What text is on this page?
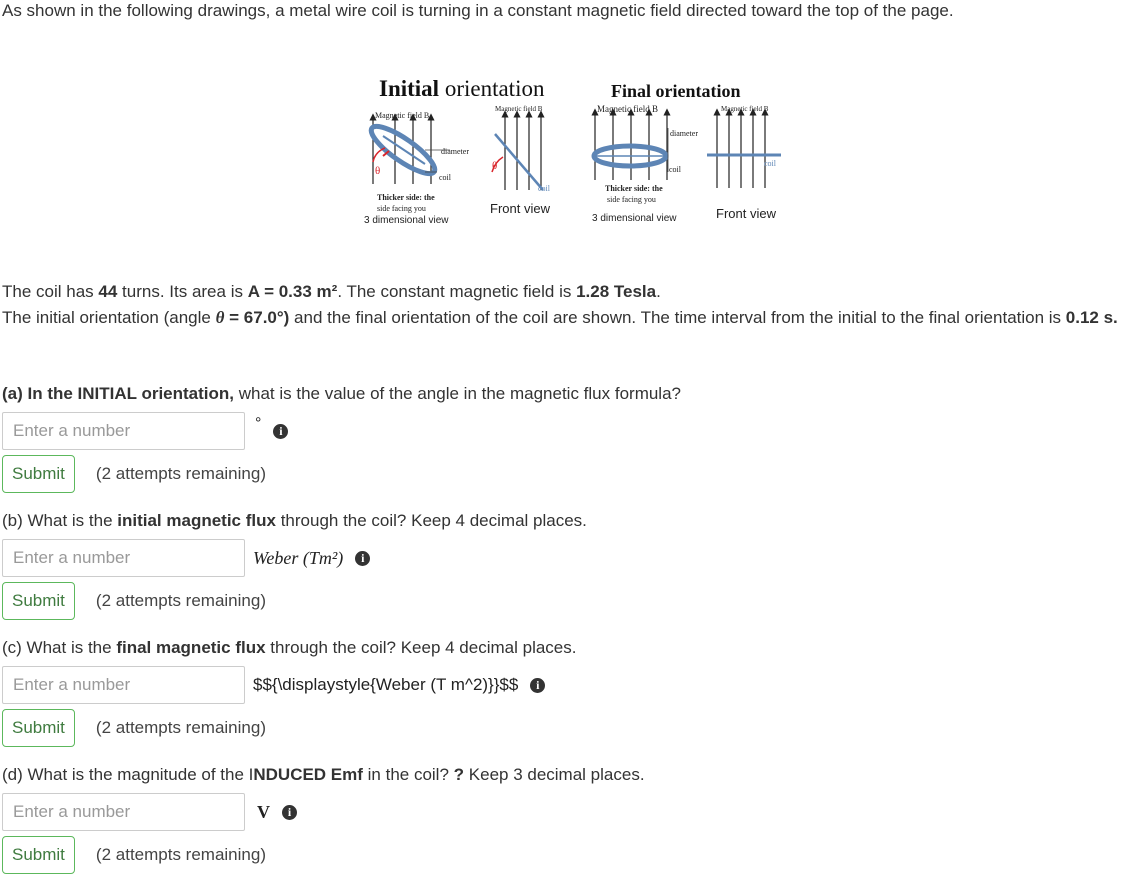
As shown in the following drawings, a metal wire coil is turning in a constant magnetic field directed toward the top of the page.

Initial orientation	Final orientation
Magnetic field B
diameter
coil
θ
Thicker side: the
side facing you
3 dimensional view
Magnetic field B
θ
coil
Front view
Magnetic field B
diameter
coil
Thicker side: the
side facing you
3 dimensional view
Magnetic field B
coil
Front view

The coil has 44 turns. Its area is A = 0.33 m². The constant magnetic field is 1.28 Tesla.
The initial orientation (angle θ = 67.0°) and the final orientation of the coil are shown. The time interval from the initial to the final orientation is 0.12 s.

(a) In the INITIAL orientation, what is the value of the angle in the magnetic flux formula?

Enter a number
°	i
Submit	(2 attempts remaining)

(b) What is the initial magnetic flux through the coil? Keep 4 decimal places.

Enter a number
Weber (Tm²)	i
Submit	(2 attempts remaining)

(c) What is the final magnetic flux through the coil? Keep 4 decimal places.

Enter a number
$${\displaystyle{Weber (T m^2)}}$$	i
Submit	(2 attempts remaining)

(d) What is the magnitude of the INDUCED Emf in the coil? ? Keep 3 decimal places.

Enter a number
V	i
Submit	(2 attempts remaining)
